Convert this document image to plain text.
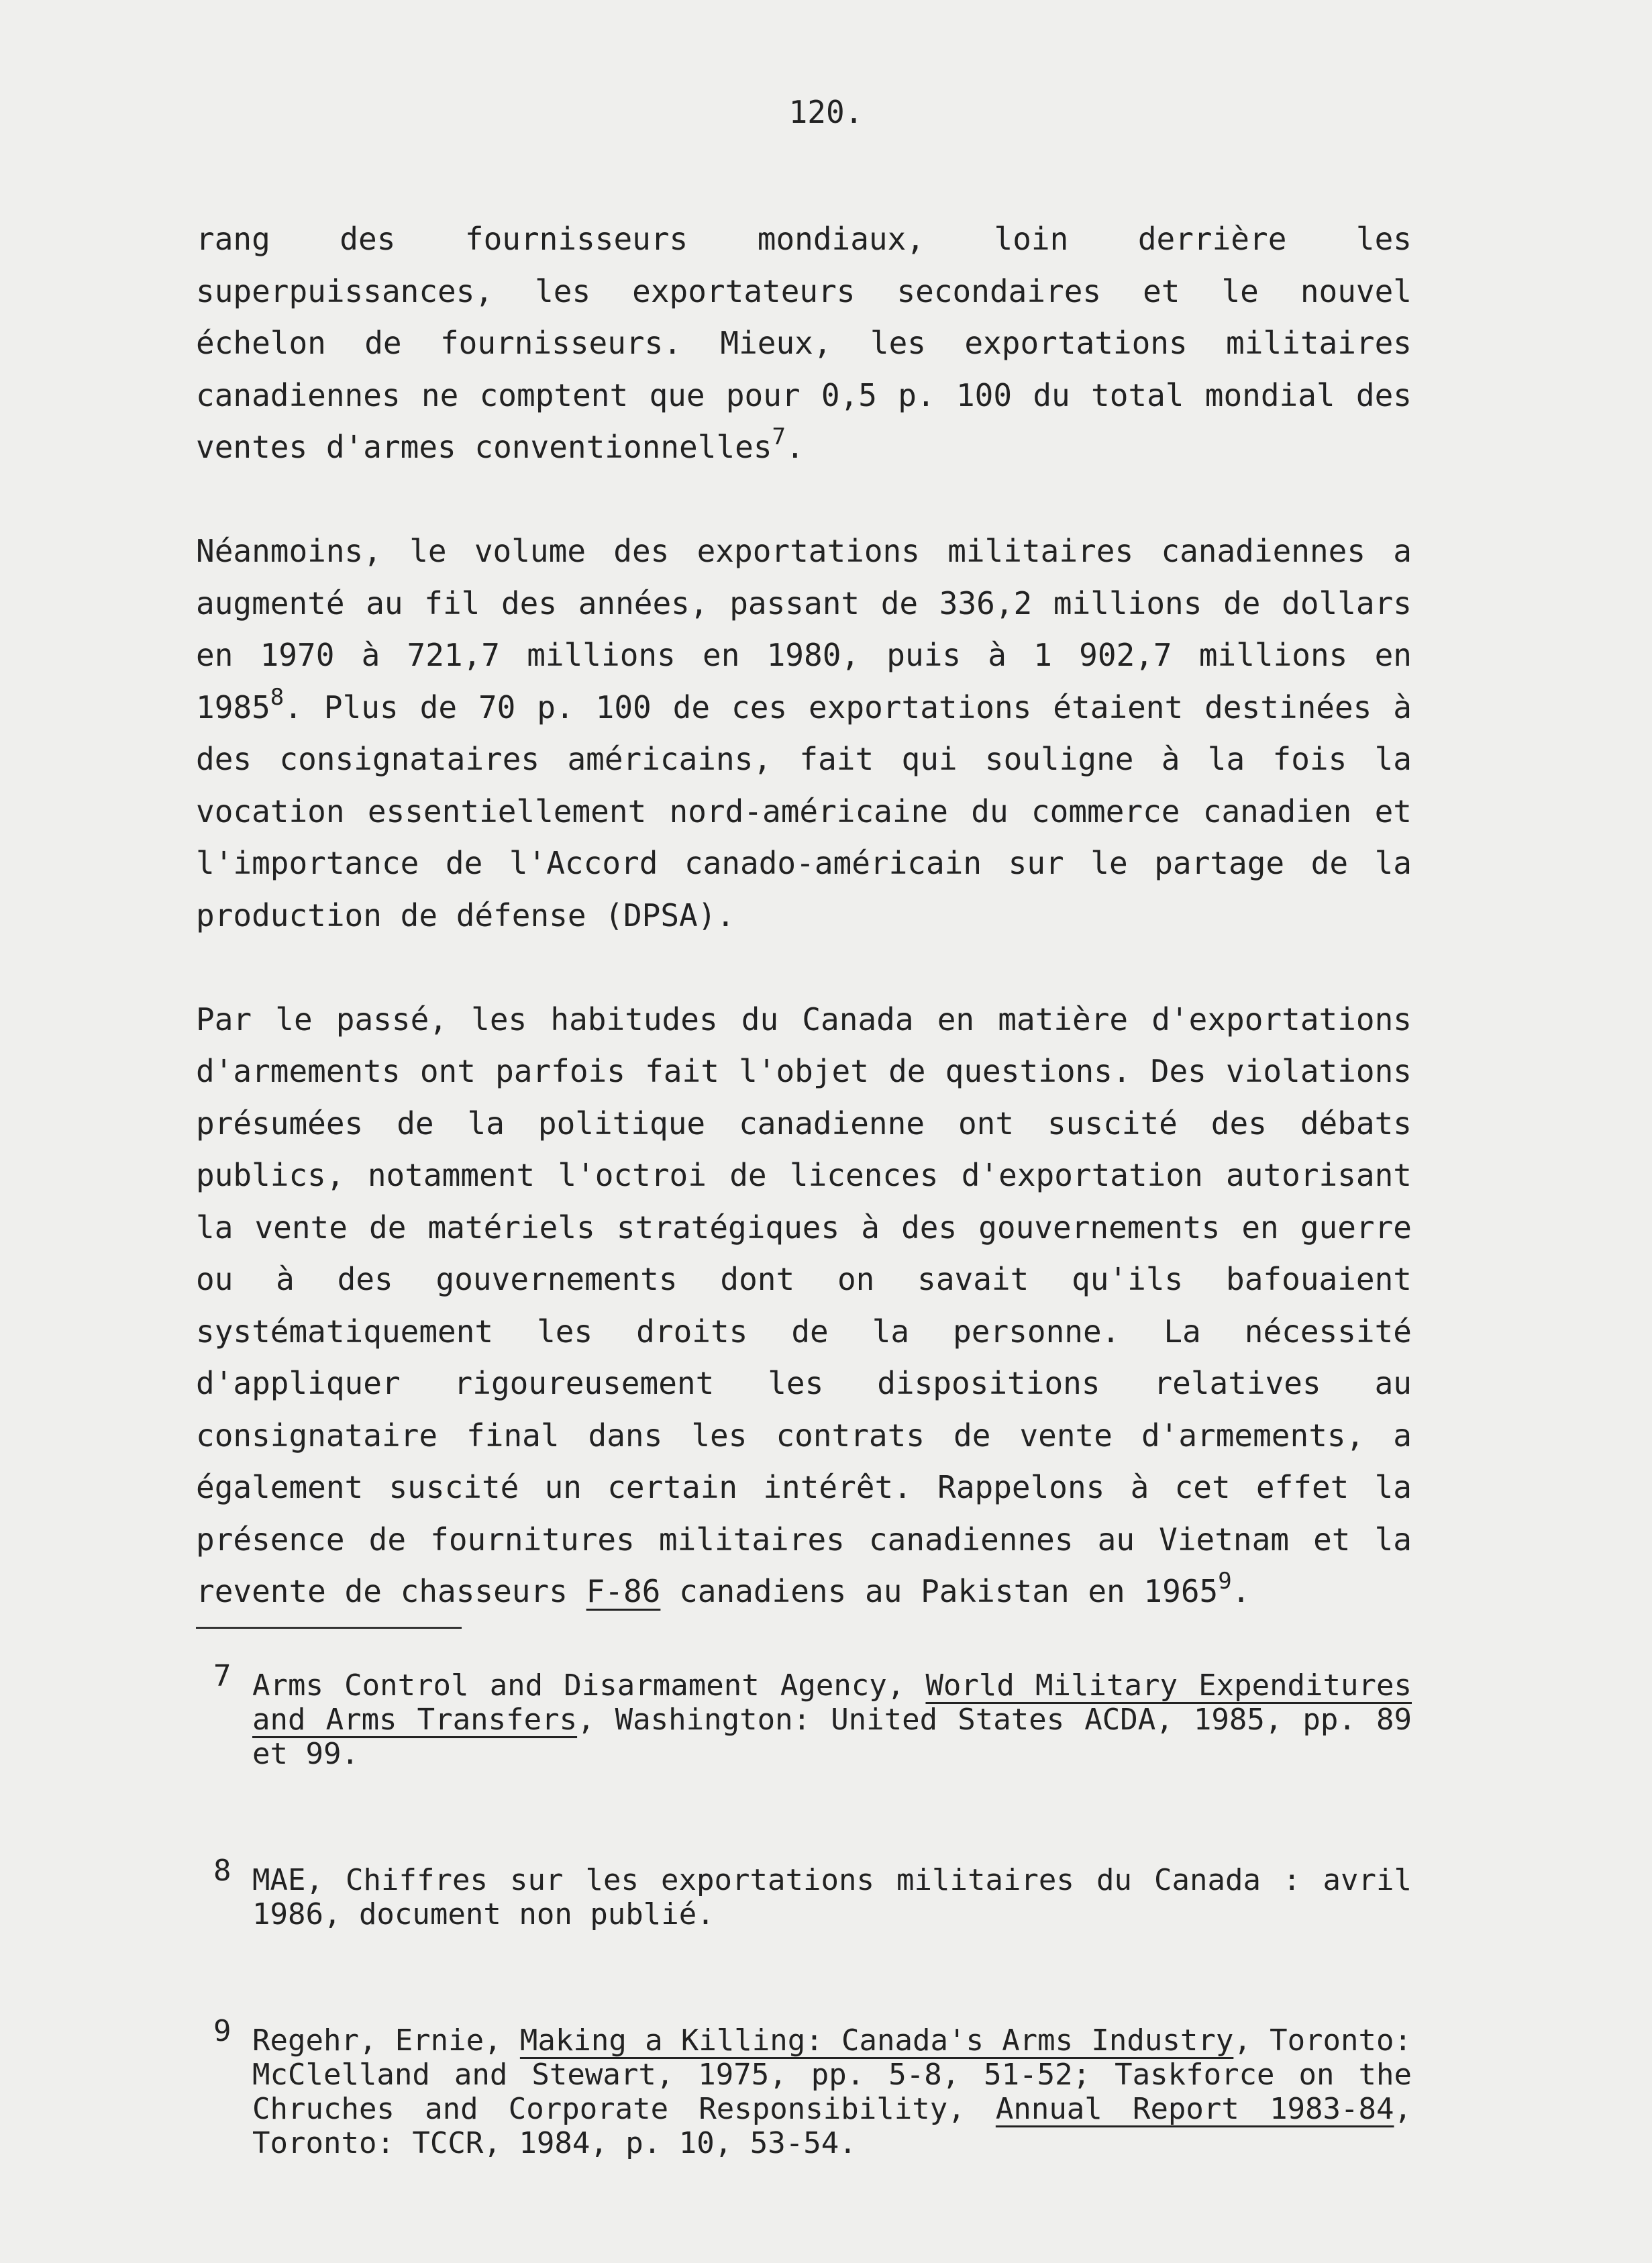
120.

rang des fournisseurs mondiaux, loin derrière les superpuissances, les exportateurs secondaires et le nouvel échelon de fournisseurs. Mieux, les exportations militaires canadiennes ne comptent que pour 0,5 p. 100 du total mondial des ventes d'armes conventionnelles$^7$.

Néanmoins, le volume des exportations militaires canadiennes a augmenté au fil des années, passant de 336,2 millions de dollars en 1970 à 721,7 millions en 1980, puis à 1 902,7 millions en 1985$^8$. Plus de 70 p. 100 de ces exportations étaient destinées à des consignataires américains, fait qui souligne à la fois la vocation essentiellement nord-américaine du commerce canadien et l'importance de l'Accord canado-américain sur le partage de la production de défense (DPSA).

Par le passé, les habitudes du Canada en matière d'exportations d'armements ont parfois fait l'objet de questions. Des violations présumées de la politique canadienne ont suscité des débats publics, notamment l'octroi de licences d'exportation autorisant la vente de matériels stratégiques à des gouvernements en guerre ou à des gouvernements dont on savait qu'ils bafouaient systématiquement les droits de la personne. La nécessité d'appliquer rigoureusement les dispositions relatives au consignataire final dans les contrats de vente d'armements, a également suscité un certain intérêt. Rappelons à cet effet la présence de fournitures militaires canadiennes au Vietnam et la revente de chasseurs F-86 canadiens au Pakistan en 1965$^9$.

7 Arms Control and Disarmament Agency, World Military Expenditures and Arms Transfers, Washington: United States ACDA, 1985, pp. 89 et 99.
8 MAE, Chiffres sur les exportations militaires du Canada : avril 1986, document non publié.
9 Regehr, Ernie, Making a Killing: Canada's Arms Industry, Toronto: McClelland and Stewart, 1975, pp. 5-8, 51-52; Taskforce on the Chruches and Corporate Responsibility, Annual Report 1983-84, Toronto: TCCR, 1984, p. 10, 53-54.
